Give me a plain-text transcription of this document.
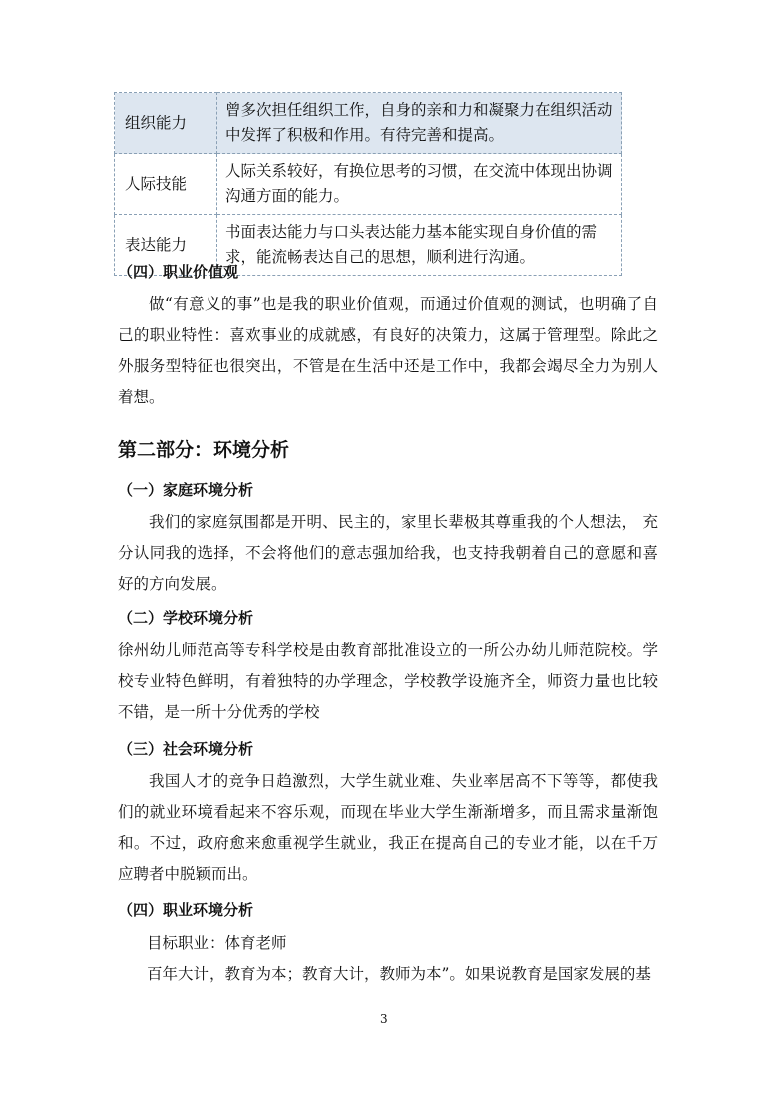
组织能力	曾多次担任组织工作，自身的亲和力和凝聚力在组织活动中发挥了积极和作用。有待完善和提高。
人际技能	人际关系较好，有换位思考的习惯，在交流中体现出协调沟通方面的能力。
表达能力	书面表达能力与口头表达能力基本能实现自身价值的需求，能流畅表达自己的思想，顺利进行沟通。
（四）职业价值观
做“有意义的事”也是我的职业价值观，而通过价值观的测试，也明确了自己的职业特性：喜欢事业的成就感，有良好的决策力，这属于管理型。除此之外服务型特征也很突出，不管是在生活中还是工作中，我都会竭尽全力为别人着想。
第二部分：环境分析
（一）家庭环境分析
我们的家庭氛围都是开明、民主的，家里长辈极其尊重我的个人想法， 充分认同我的选择，不会将他们的意志强加给我，也支持我朝着自己的意愿和喜好的方向发展。
（二）学校环境分析
徐州幼儿师范高等专科学校是由教育部批准设立的一所公办幼儿师范院校。学校专业特色鲜明，有着独特的办学理念，学校教学设施齐全，师资力量也比较不错，是一所十分优秀的学校
（三）社会环境分析
我国人才的竞争日趋激烈，大学生就业难、失业率居高不下等等，都使我们的就业环境看起来不容乐观，而现在毕业大学生渐渐增多，而且需求量渐饱和。不过，政府愈来愈重视学生就业，我正在提高自己的专业才能，以在千万应聘者中脱颖而出。
（四）职业环境分析
目标职业：体育老师
百年大计，教育为本；教育大计，教师为本”。如果说教育是国家发展的基
3
